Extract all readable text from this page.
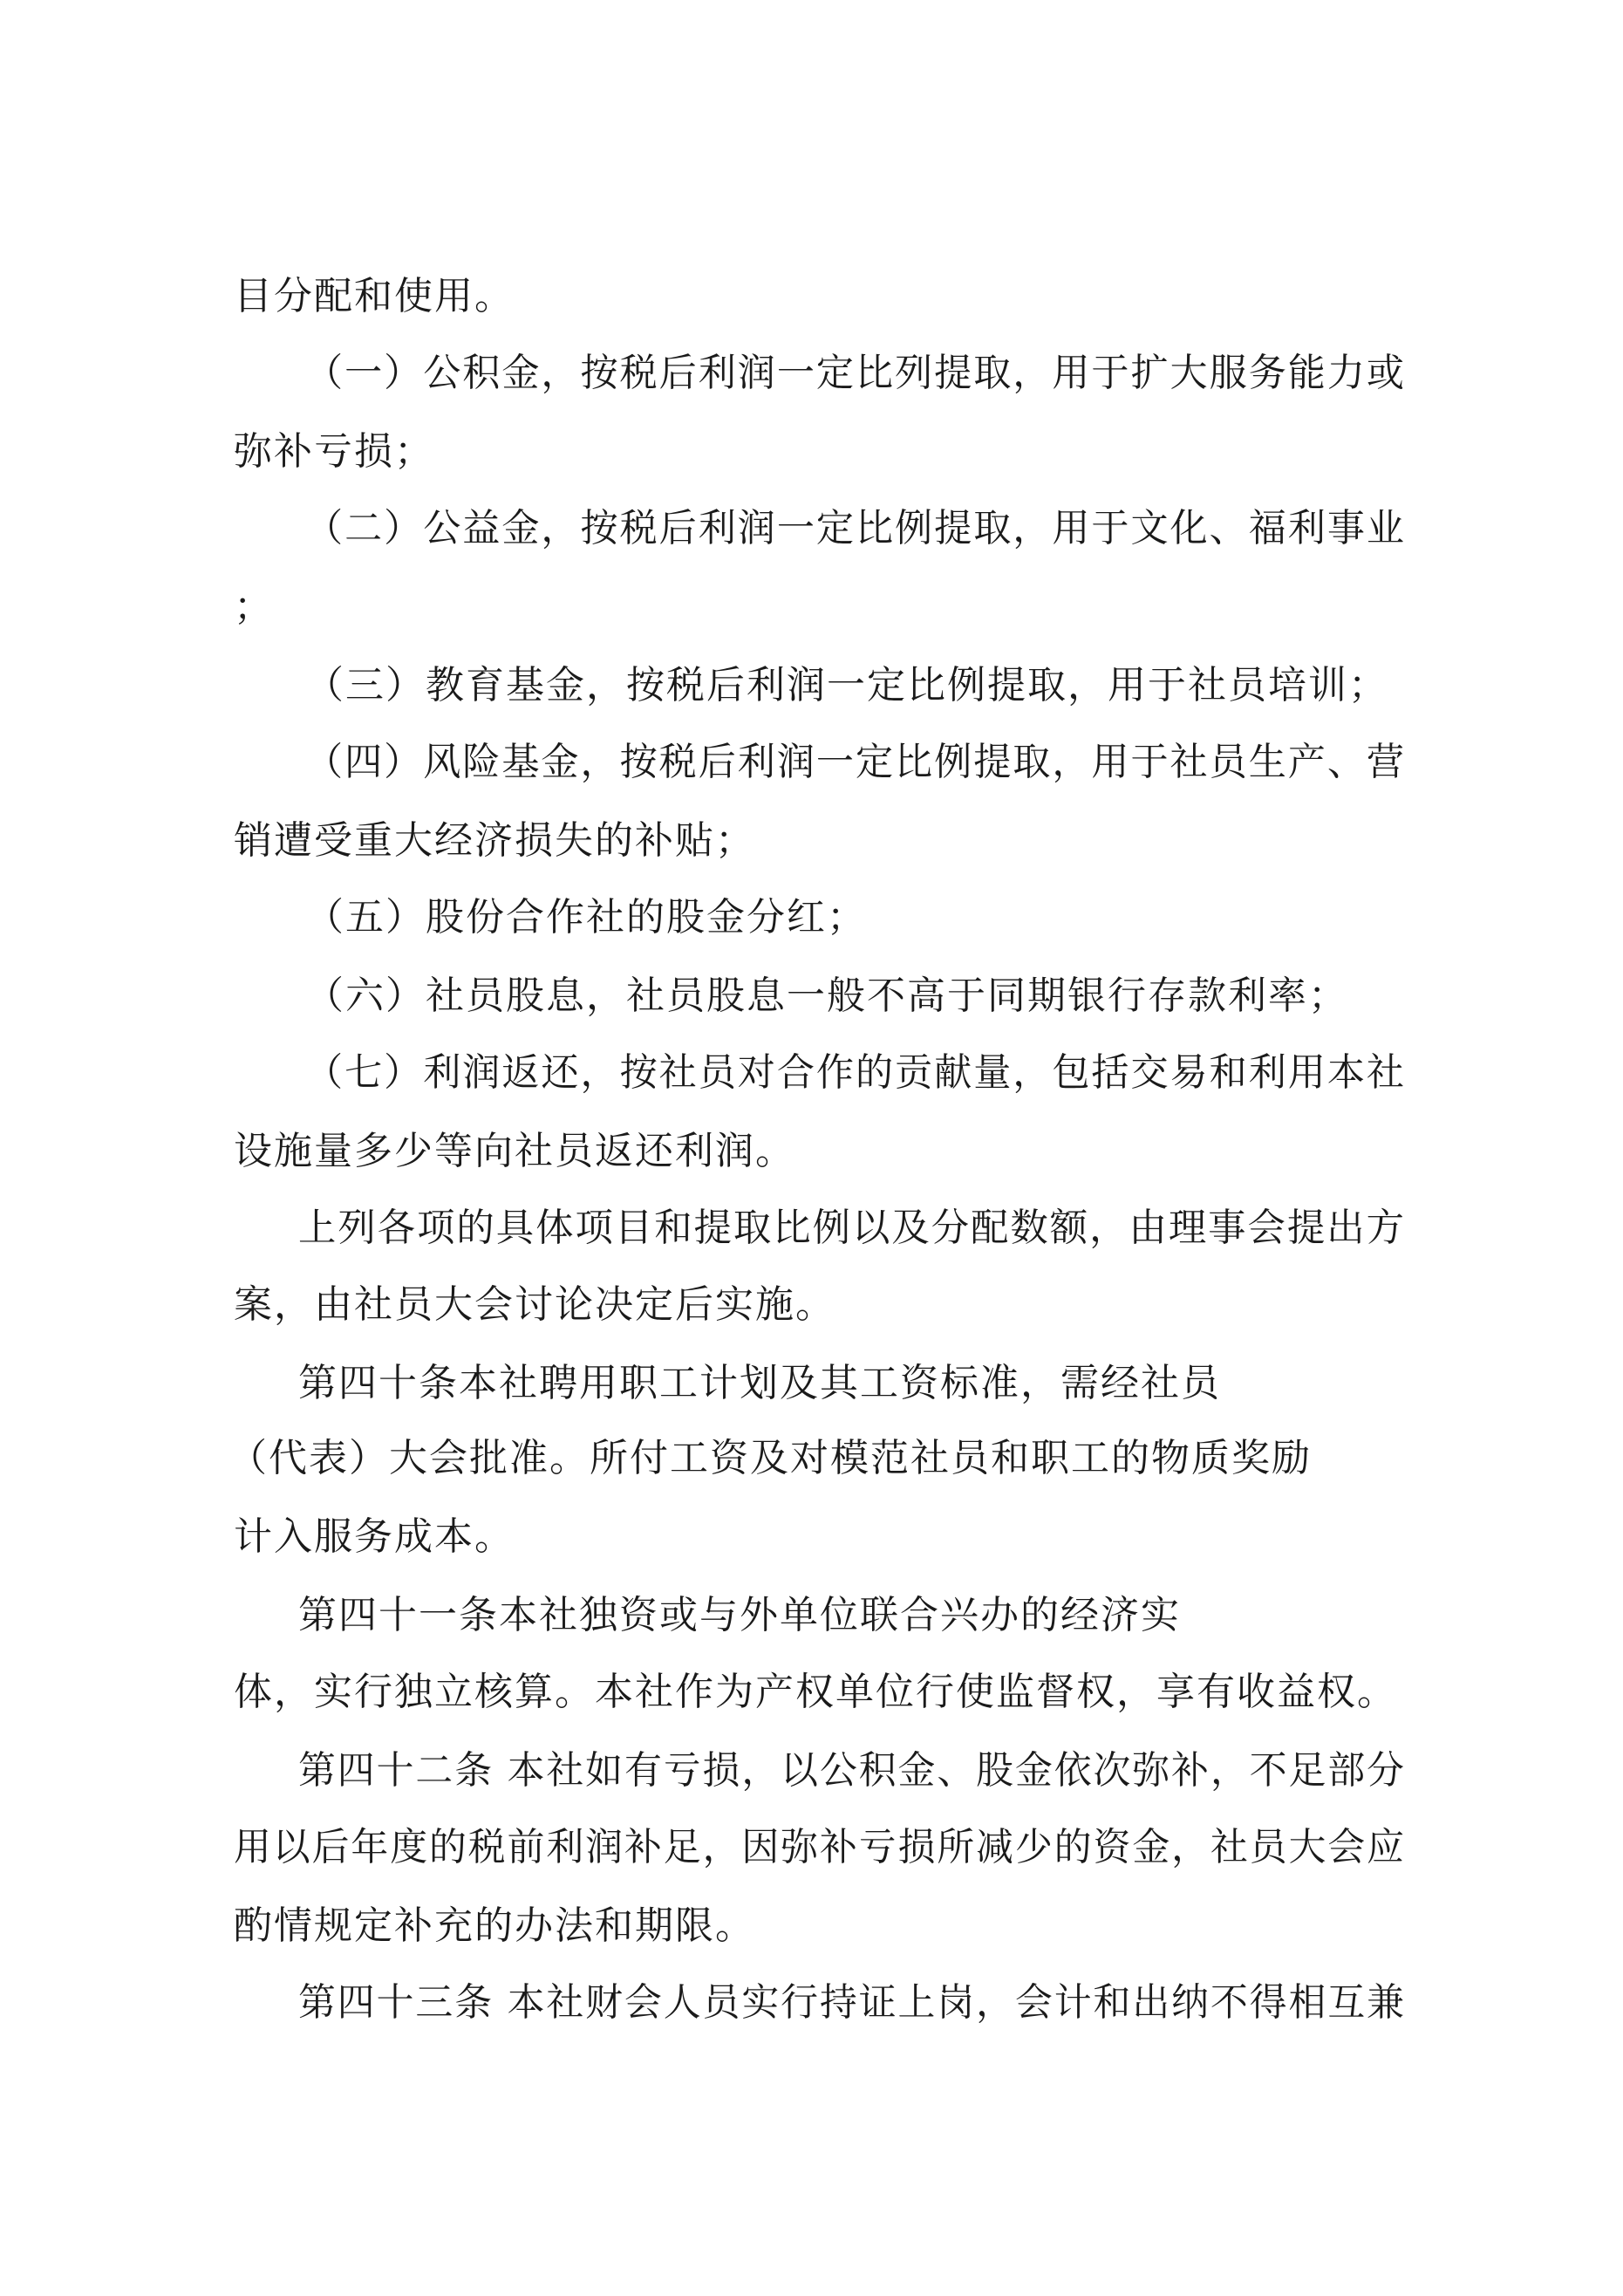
目分配和使用。
（一）公积金，按税后利润一定比列提取，用于扩大服务能力或
弥补亏损；
（二）公益金，按税后利润一定比例提取，用于文化、福利事业
；
（三）教育基金，按税后利润一定比例提取，用于社员培训；
（四）风险基金，按税后利润一定比例提取，用于社员生产、营
销遭受重大经济损失的补贴；
（五）股份合作社的股金分红；
（六）社员股息，社员股息一般不高于同期银行存款利率；
（七）利润返还，按社员对合作的贡献量，包括交易和利用本社
设施量多少等向社员返还利润。
上列各项的具体项目和提取比例以及分配数额，由理事会提出方
案，由社员大会讨论决定后实施。
第四十条本社聘用职工计划及其工资标准，需经社员
（代表）大会批准。所付工资及对模范社员和职工的物质奖励
计入服务成本。
第四十一条本社独资或与外单位联合兴办的经济实
体，实行独立核算。本社作为产权单位行使监督权，享有收益权。
第四十二条 本社如有亏损，以公积金、股金依次弥补，不足部分
用以后年度的税前利润补足，因弥补亏损所减少的资金，社员大会应
酌情规定补充的办法和期限。
第四十三条 本社财会人员实行持证上岗，会计和出纳不得相互兼
